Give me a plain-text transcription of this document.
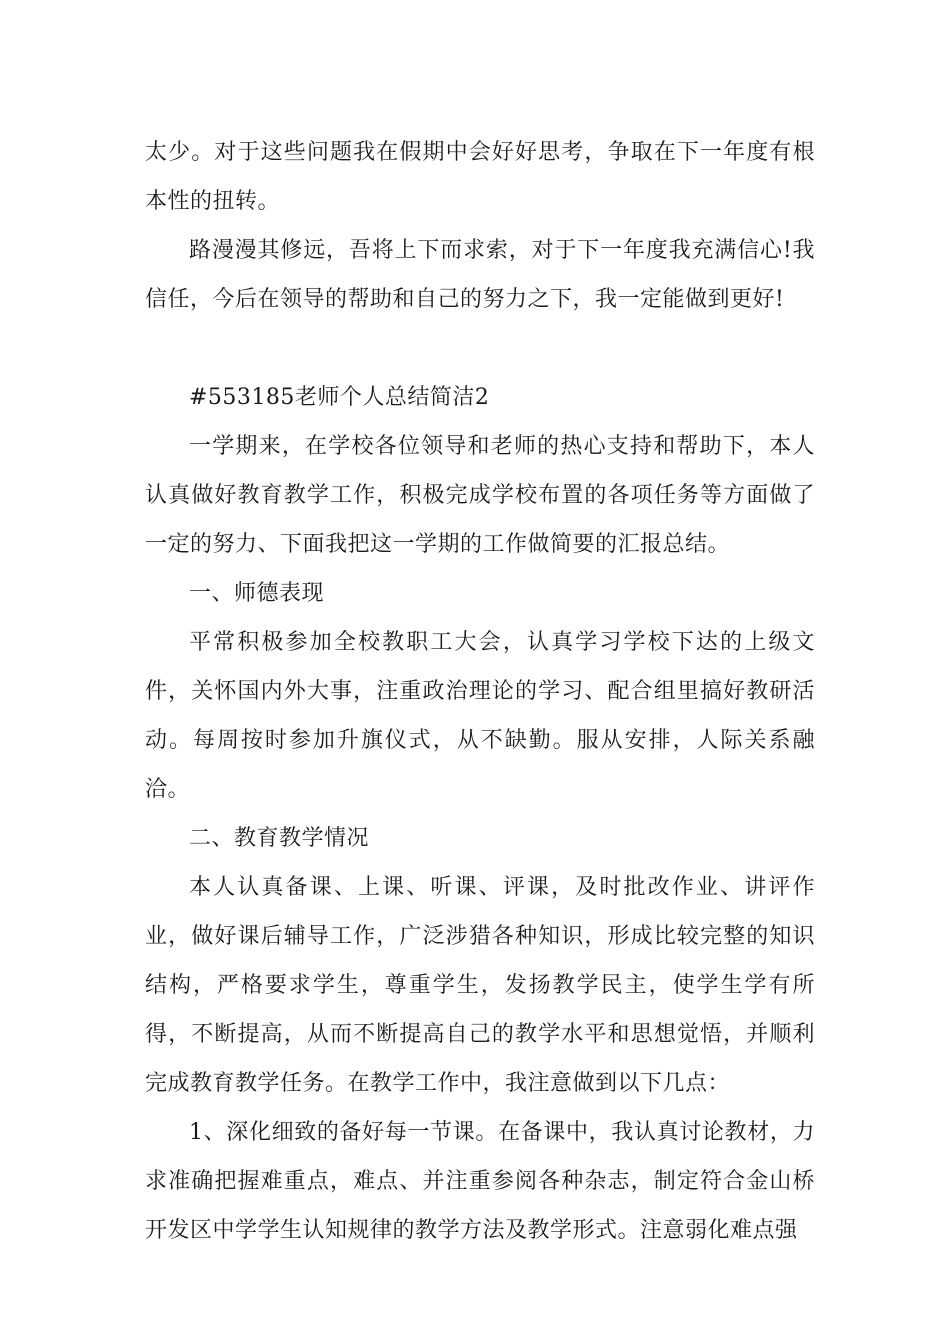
太少。对于这些问题我在假期中会好好思考，争取在下一年度有根本性的扭转。

路漫漫其修远，吾将上下而求索，对于下一年度我充满信心!我信任，今后在领导的帮助和自己的努力之下，我一定能做到更好!

#553185老师个人总结简洁2

一学期来，在学校各位领导和老师的热心支持和帮助下，本人认真做好教育教学工作，积极完成学校布置的各项任务等方面做了一定的努力、下面我把这一学期的工作做简要的汇报总结。

一、师德表现

平常积极参加全校教职工大会，认真学习学校下达的上级文件，关怀国内外大事，注重政治理论的学习、配合组里搞好教研活动。每周按时参加升旗仪式，从不缺勤。服从安排，人际关系融洽。

二、教育教学情况

本人认真备课、上课、听课、评课，及时批改作业、讲评作业，做好课后辅导工作，广泛涉猎各种知识，形成比较完整的知识结构，严格要求学生，尊重学生，发扬教学民主，使学生学有所得，不断提高，从而不断提高自己的教学水平和思想觉悟，并顺利完成教育教学任务。在教学工作中，我注意做到以下几点：

1、深化细致的备好每一节课。在备课中，我认真讨论教材，力求准确把握难重点，难点、并注重参阅各种杂志，制定符合金山桥开发区中学学生认知规律的教学方法及教学形式。注意弱化难点强
